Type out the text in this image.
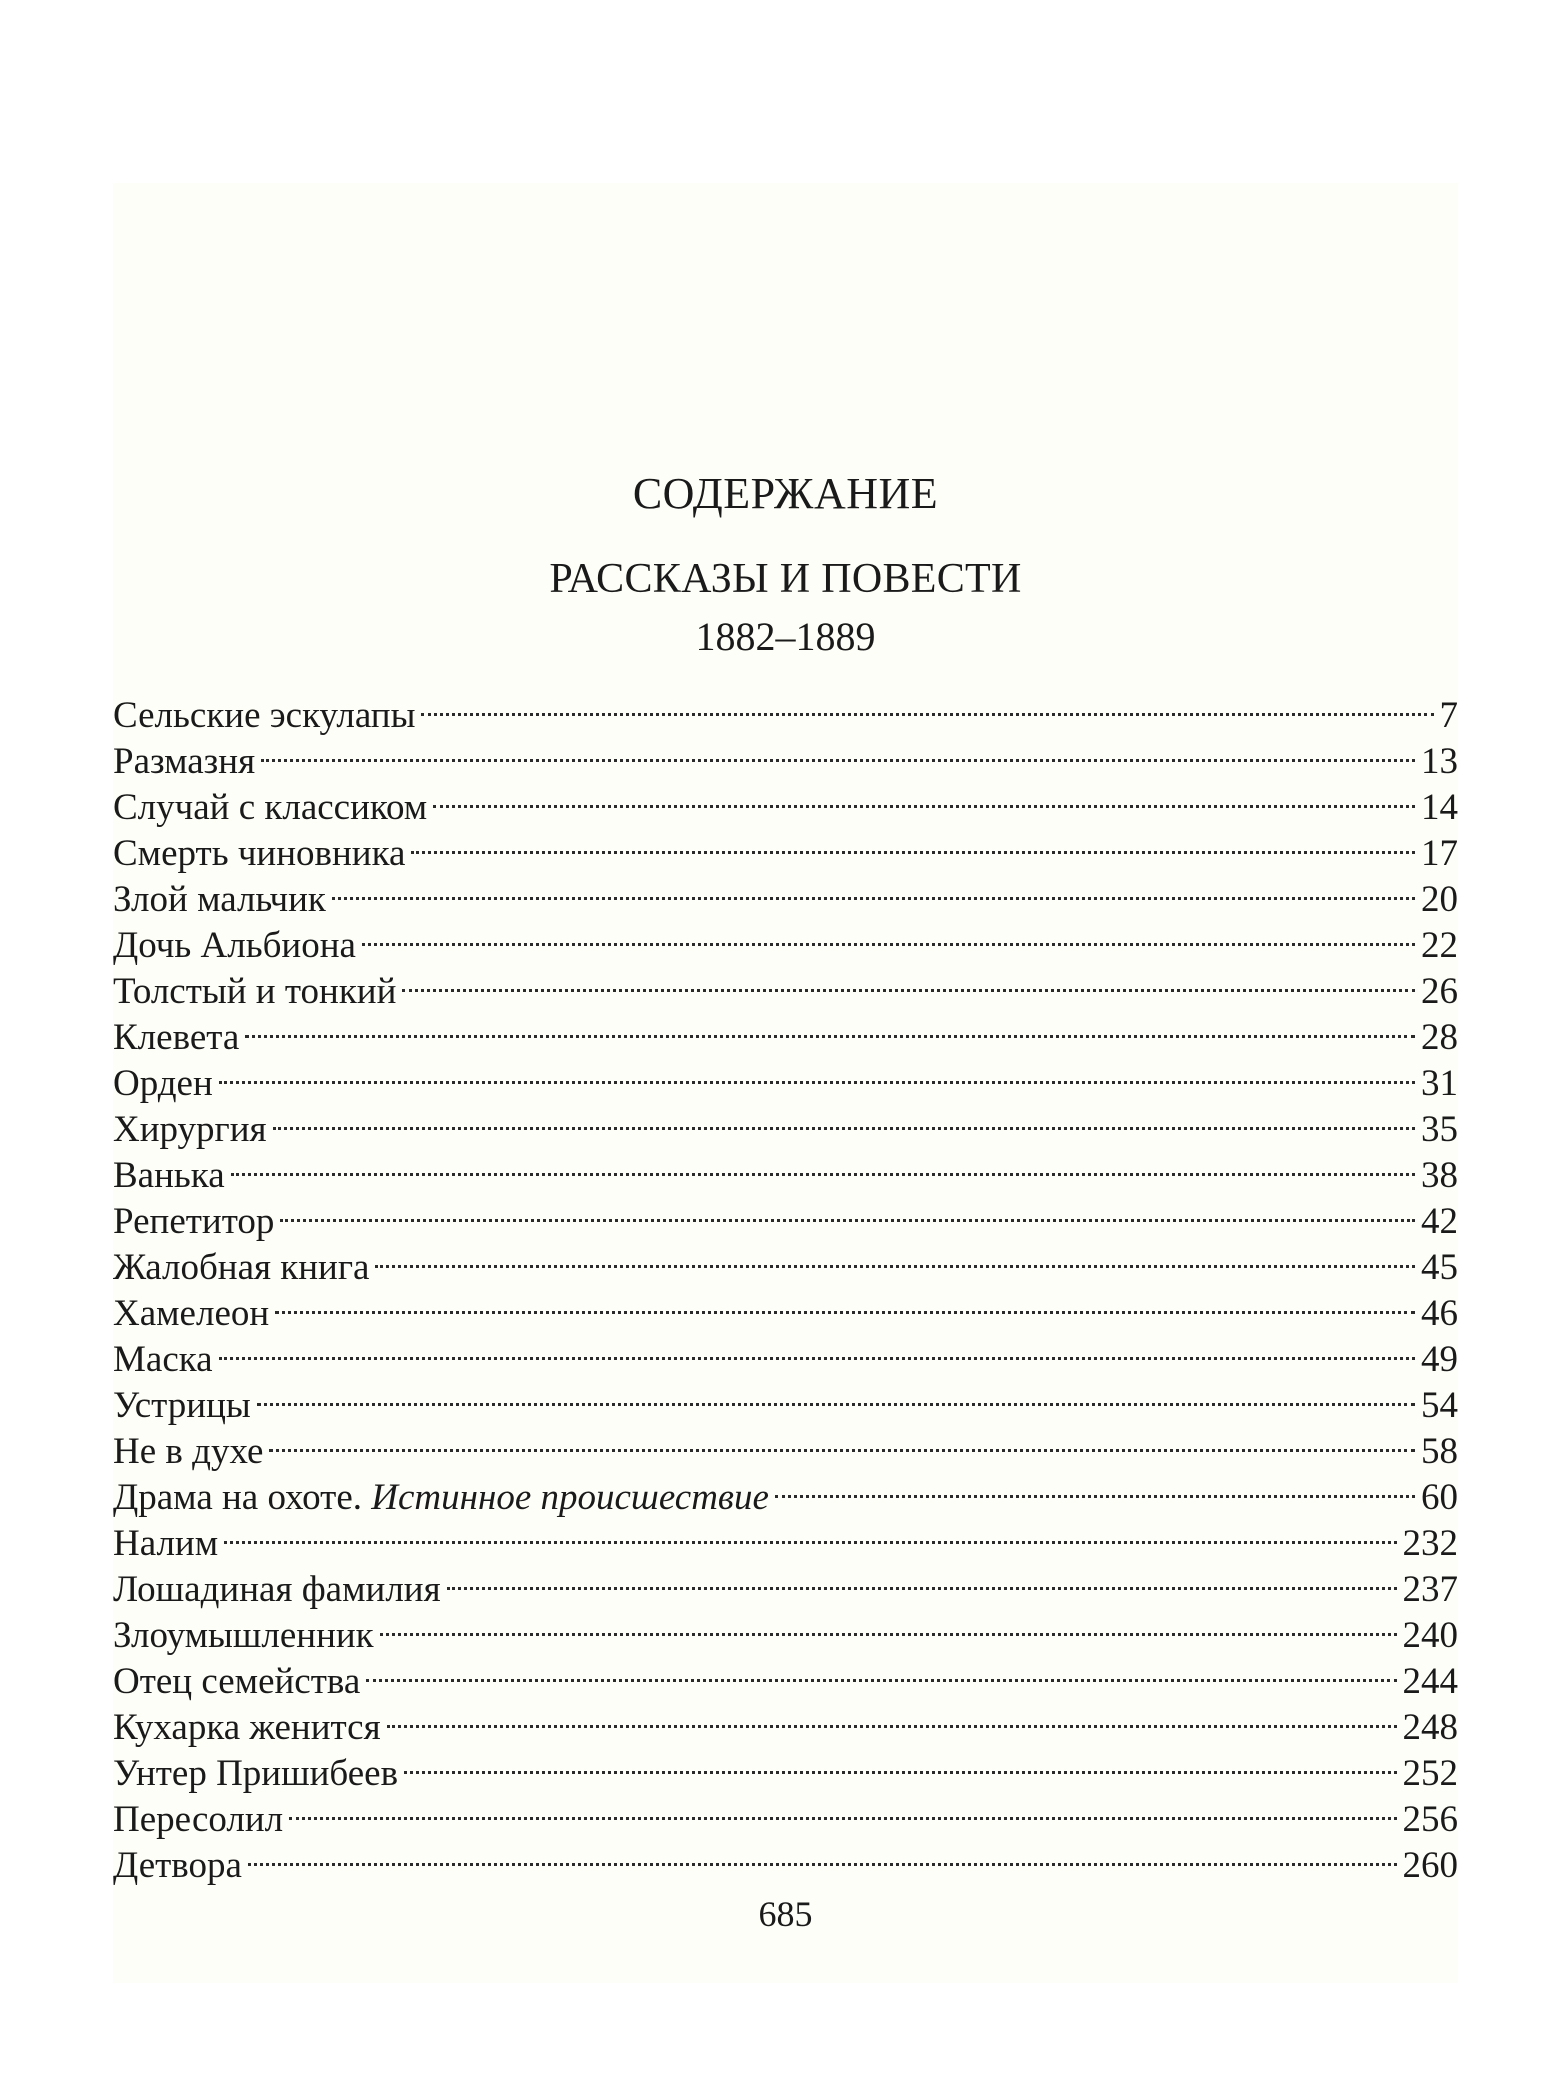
СОДЕРЖАНИЕ
РАССКАЗЫ И ПОВЕСТИ
1882–1889
Сельские эскулапы	7
Размазня	13
Случай с классиком	14
Смерть чиновника	17
Злой мальчик	20
Дочь Альбиона	22
Толстый и тонкий	26
Клевета	28
Орден	31
Хирургия	35
Ванька	38
Репетитор	42
Жалобная книга	45
Хамелеон	46
Маска	49
Устрицы	54
Не в духе	58
Драма на охоте. Истинное происшествие	60
Налим	232
Лошадиная фамилия	237
Злоумышленник	240
Отец семейства	244
Кухарка женится	248
Унтер Пришибеев	252
Пересолил	256
Детвора	260
685
